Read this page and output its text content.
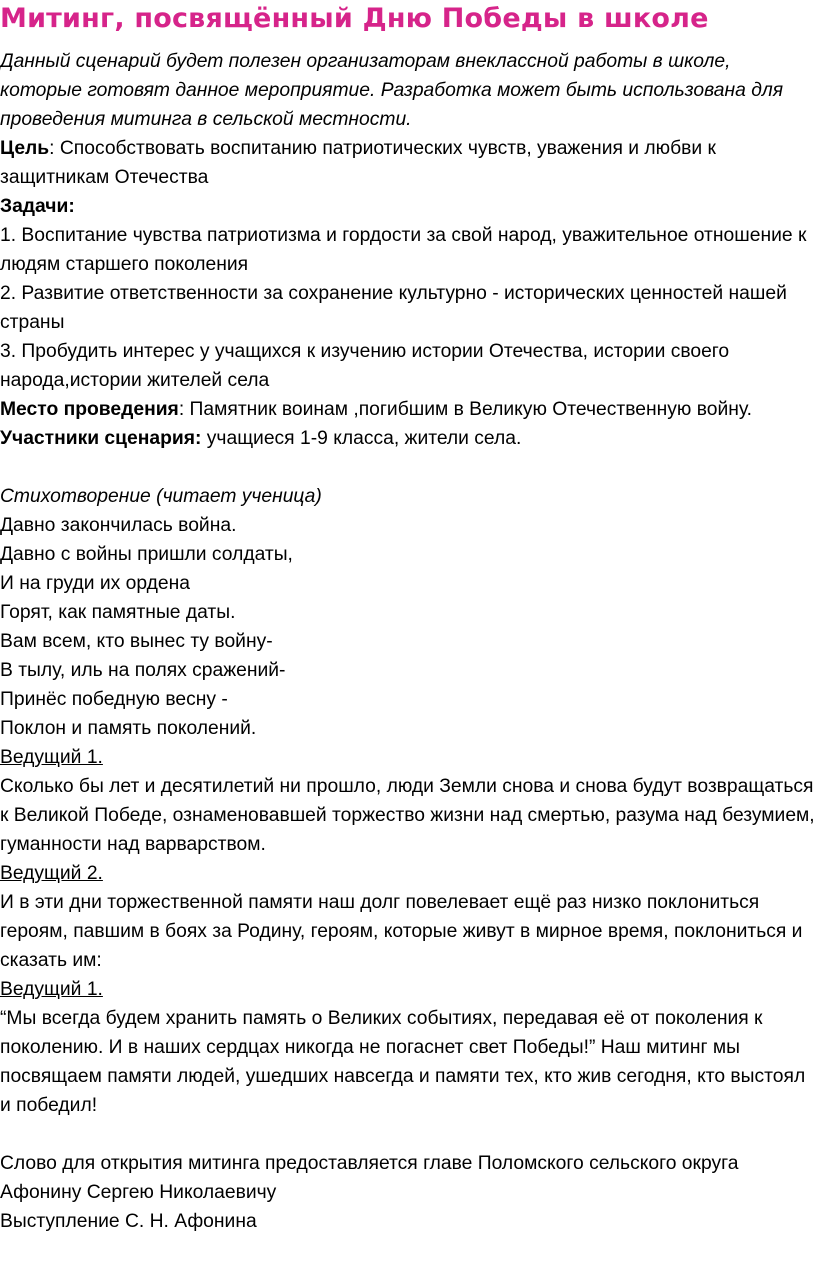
Митинг, посвящённый Дню Победы в школе

Данный сценарий будет полезен организаторам внеклассной работы в школе, которые готовят данное мероприятие. Разработка может быть использована для проведения митинга в сельской местности.

Цель: Способствовать воспитанию патриотических чувств, уважения и любви к защитникам Отечества

Задачи:

1. Воспитание чувства патриотизма и гордости за свой народ, уважительное отношение к людям старшего поколения

2. Развитие ответственности за сохранение культурно - исторических ценностей нашей страны

3. Пробудить интерес у учащихся к изучению истории Отечества, истории своего народа,истории жителей села

Место проведения: Памятник воинам ,погибшим в Великую Отечественную войну.

Участники сценария: учащиеся 1-9 класса, жители села.

Стихотворение (читает ученица)

Давно закончилась война.

Давно с войны пришли солдаты,

И на груди их ордена

Горят, как памятные даты.

Вам всем, кто вынес ту войну-

В тылу, иль на полях сражений-

Принёс победную весну -

Поклон и память поколений.

Ведущий 1.

Сколько бы лет и десятилетий ни прошло, люди Земли снова и снова будут возвращаться к Великой Победе, ознаменовавшей торжество жизни над смертью, разума над безумием, гуманности над варварством.

Ведущий 2.

И в эти дни торжественной памяти наш долг повелевает ещё раз низко поклониться героям, павшим в боях за Родину, героям, которые живут в мирное время, поклониться и сказать им:

Ведущий 1.

“Мы всегда будем хранить память о Великих событиях, передавая её от поколения к поколению. И в наших сердцах никогда не погаснет свет Победы!” Наш митинг мы посвящаем памяти людей, ушедших навсегда и памяти тех, кто жив сегодня, кто выстоял и победил!

Слово для открытия митинга предоставляется главе Поломского сельского округа Афонину Сергею Николаевичу

Выступление С. Н. Афонина
